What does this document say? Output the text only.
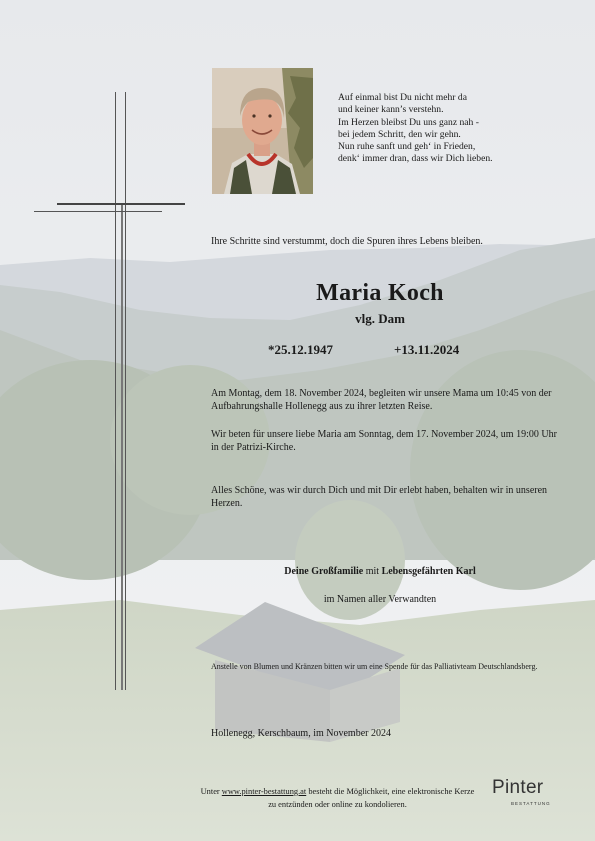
Auf einmal bist Du nicht mehr da
und keiner kann’s verstehn.
Im Herzen bleibst Du uns ganz nah -
bei jedem Schritt, den wir gehn.
Nun ruhe sanft und geh‘ in Frieden,
denk‘ immer dran, dass wir Dich lieben.
Ihre Schritte sind verstummt, doch die Spuren ihres Lebens bleiben.
Maria Koch
vlg. Dam
*25.12.1947	+13.11.2024
Am Montag, dem 18. November 2024, begleiten wir unsere Mama um 10:45 von der Aufbahrungshalle Hollenegg aus zu ihrer letzten Reise.
Wir beten für unsere liebe Maria am Sonntag, dem 17. November 2024, um 19:00 Uhr in der Patrizi-Kirche.
Alles Schöne, was wir durch Dich und mit Dir erlebt haben, behalten wir in unseren Herzen.
Deine Großfamilie mit Lebensgefährten Karl
im Namen aller Verwandten
Anstelle von Blumen und Kränzen bitten wir um eine Spende für das Palliativteam Deutschlandsberg.
Hollenegg, Kerschbaum, im November 2024
Unter www.pinter-bestattung.at besteht die Möglichkeit, eine elektronische Kerze zu entzünden oder online zu kondolieren.
Pinter
BESTATTUNG
